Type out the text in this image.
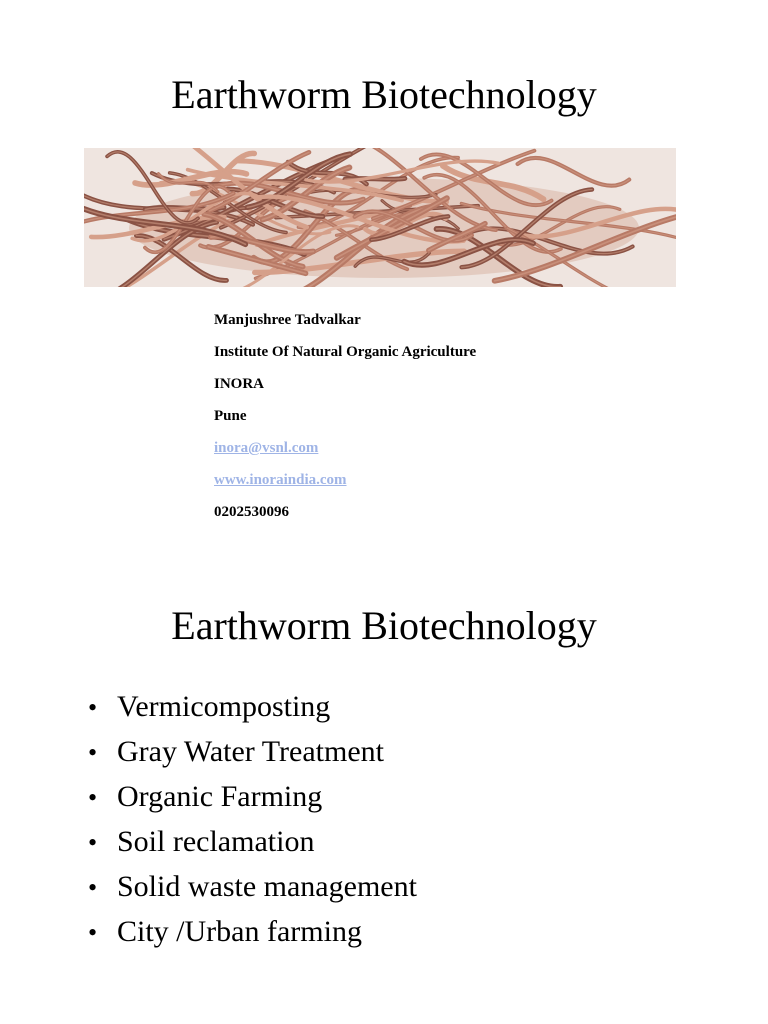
Earthworm Biotechnology
Manjushree Tadvalkar
Institute Of Natural Organic Agriculture
INORA
Pune
inora@vsnl.com
www.inoraindia.com
0202530096
Earthworm Biotechnology
• Vermicomposting
• Gray Water Treatment
• Organic Farming
• Soil reclamation
• Solid waste management
• City /Urban farming
